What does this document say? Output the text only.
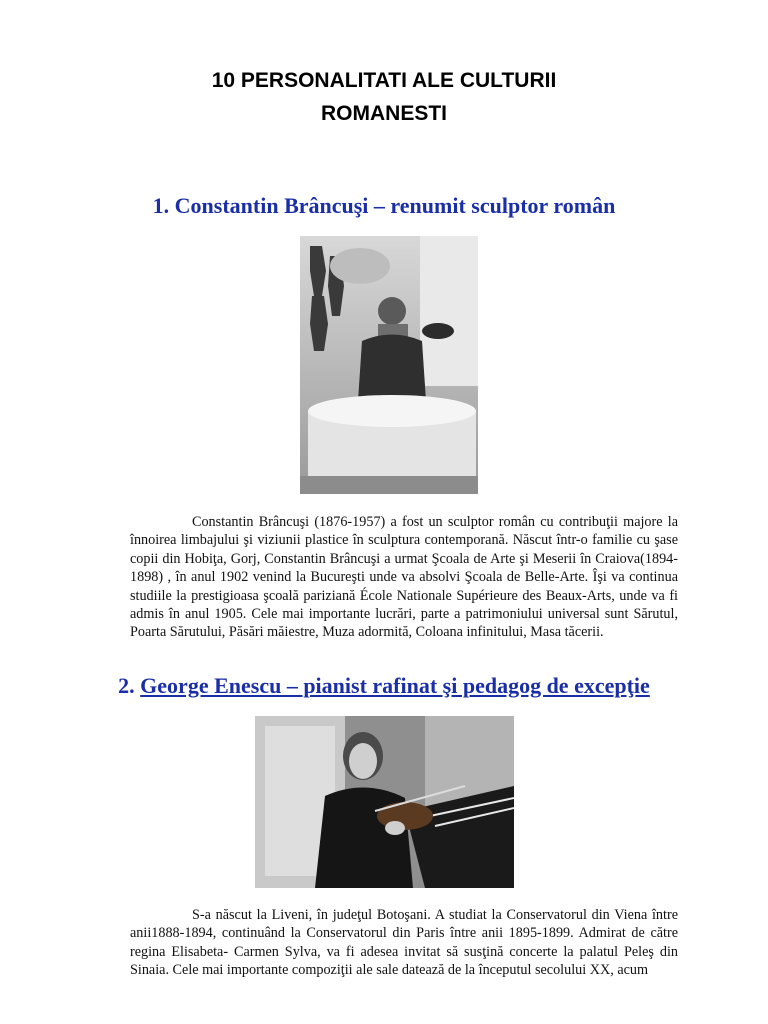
10 PERSONALITATI ALE CULTURII
ROMANESTI
1. Constantin Brâncuşi – renumit sculptor român

Constantin Brâncuşi (1876-1957) a fost un sculptor român cu contribuţii majore la înnoirea limbajului şi viziunii plastice în sculptura contemporană. Născut într-o familie cu şase copii din Hobiţa, Gorj, Constantin Brâncuşi a urmat Şcoala de Arte şi Meserii în Craiova(1894-1898) , în anul 1902 venind la Bucureşti unde va absolvi Şcoala de Belle-Arte. Îşi va continua studiile la prestigioasa şcoală pariziană École Nationale Supérieure des Beaux-Arts, unde va fi admis în anul 1905. Cele mai importante lucrări, parte a patrimoniului universal sunt Sărutul, Poarta Sărutului, Păsări măiestre, Muza adormită, Coloana infinitului, Masa tăcerii.

2. George Enescu – pianist rafinat şi pedagog de excepţie

S-a născut la Liveni, în judeţul Botoşani. A studiat la Conservatorul din Viena între anii1888-1894, continuând la Conservatorul din Paris între anii 1895-1899. Admirat de către regina Elisabeta- Carmen Sylva, va fi adesea invitat să susţină concerte la palatul Peleş din Sinaia. Cele mai importante compoziţii ale sale datează de la începutul secolului XX, acum
